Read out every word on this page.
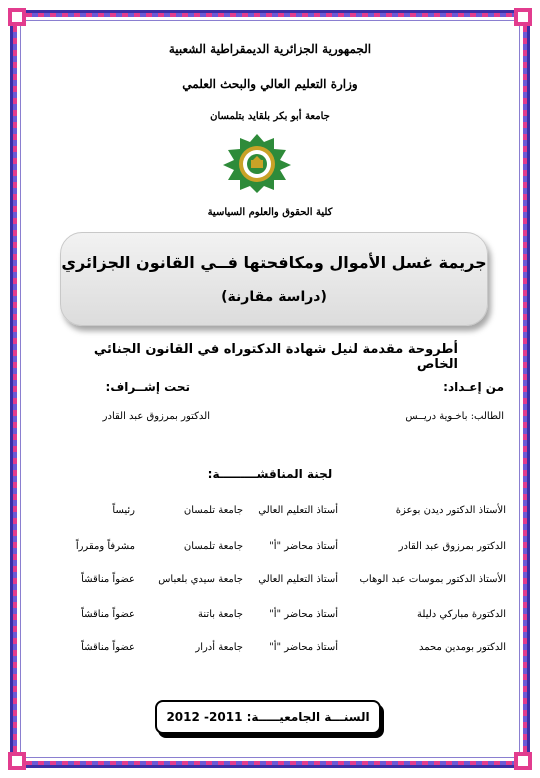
الجمهورية الجزائرية الديمقراطية الشعبية
وزارة التعليم العالي والبحث العلمي
جامعة أبو بكر بلقايد بتلمسان
كلية الحقوق والعلوم السياسية
جريمة غسل الأموال ومكافحتها فــي القانون الجزائري
(دراسة مقارنة)
أطروحة مقدمة لنيل شهادة الدكتوراه في القانون الجنائي الخاص
من إعـداد:
تحت إشــراف:
الطالب: باخـوية دريــس
الدكتور بمرزوق عبد القادر
لجنة المناقشـــــــــة:
الأستاذ الدكتور ديدن بوعزة
أستاذ التعليم العالي
جامعة تلمسان
رئيساً
الدكتور بمرزوق عبد القادر
أستاذ محاضر "أ"
جامعة تلمسان
مشرفاً ومقرراً
الأستاذ الدكتور بموسات عبد الوهاب
أستاذ التعليم العالي
جامعة سيدي بلعباس
عضواً مناقشاً
الدكتورة مباركي دليلة
أستاذ محاضر "أ"
جامعة باتنة
عضواً مناقشاً
الدكتور بومدين محمد
أستاذ محاضر "أ"
جامعة أدرار
عضواً مناقشاً
السنـــة الجامعيـــــة: 2011- 2012
